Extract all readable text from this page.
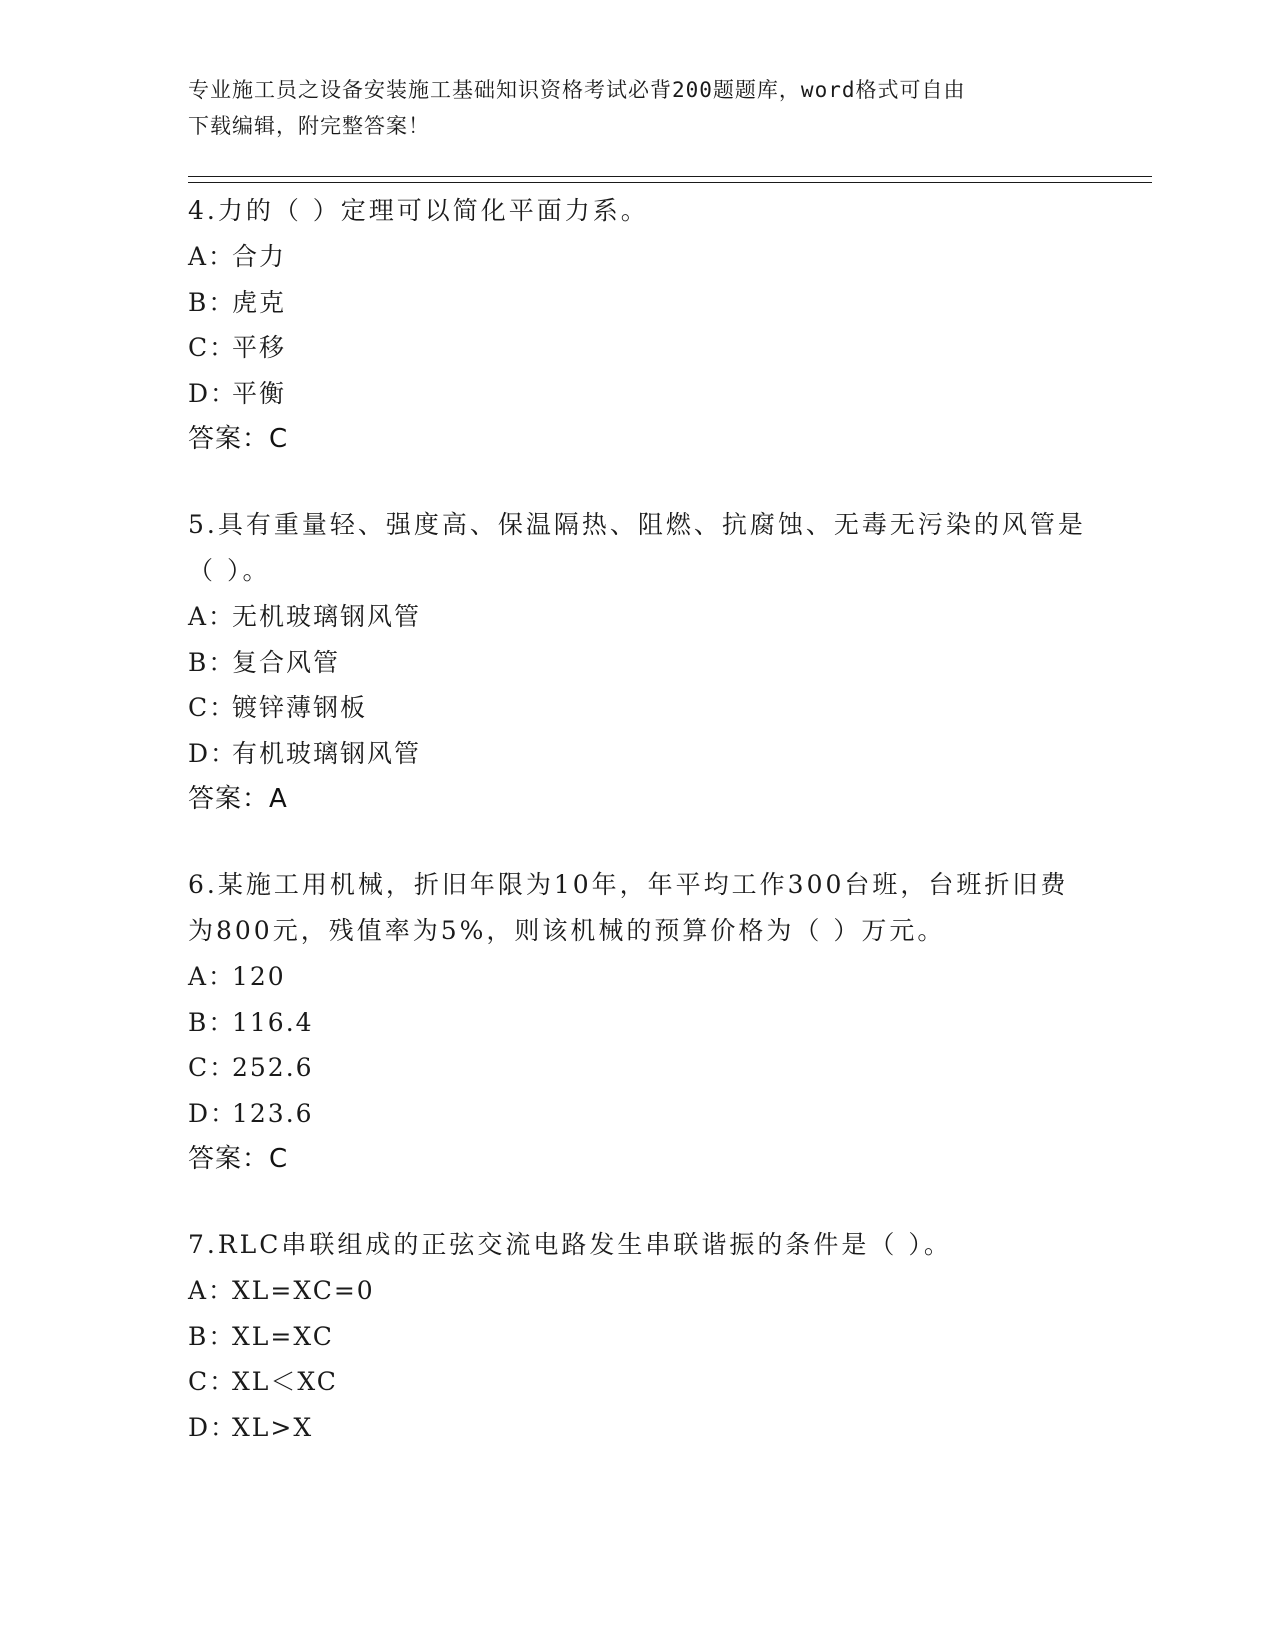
专业施工员之设备安装施工基础知识资格考试必背200题题库，word格式可自由
下载编辑，附完整答案！
4.力的（ ）定理可以简化平面力系。
A：合力
B：虎克
C：平移
D：平衡
答案：C
5.具有重量轻、强度高、保温隔热、阻燃、抗腐蚀、无毒无污染的风管是（ ）。
A：无机玻璃钢风管
B：复合风管
C：镀锌薄钢板
D：有机玻璃钢风管
答案：A
6.某施工用机械，折旧年限为10年，年平均工作300台班，台班折旧费为800元，残值率为5%，则该机械的预算价格为（ ）万元。
A：120
B：116.4
C：252.6
D：123.6
答案：C
7.RLC串联组成的正弦交流电路发生串联谐振的条件是（ ）。
A：XL=XC=0
B：XL=XC
C：XL＜XC
D：XL>X
